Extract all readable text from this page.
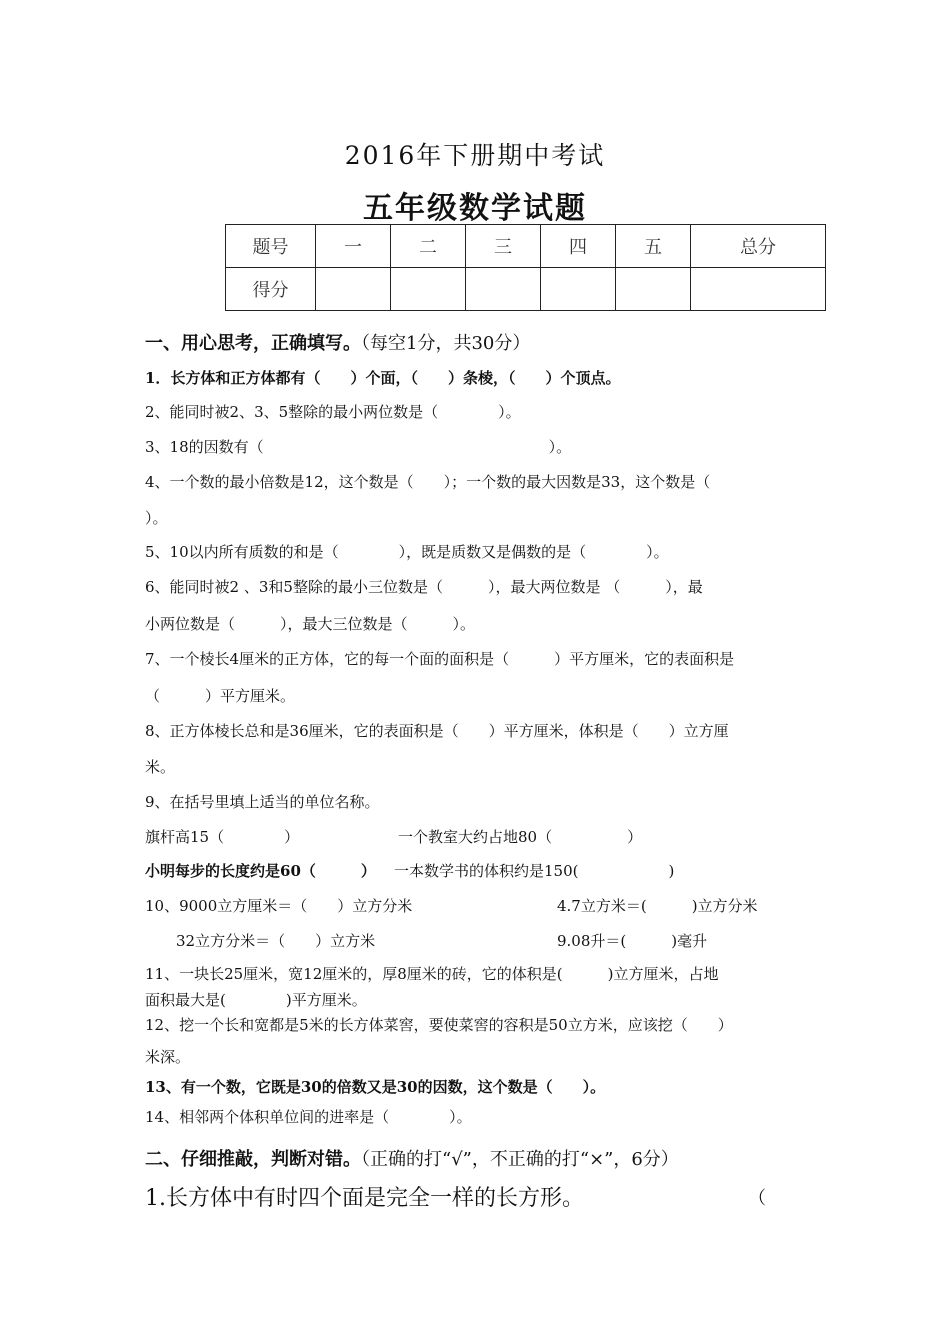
2016年下册期中考试
五年级数学试题
题号	一	二	三	四	五	总分
得分						
一、用心思考，正确填写。（每空1分，共30分）
1．长方体和正方体都有（　　）个面，（　　）条棱，（　　）个顶点。
2、能同时被2、3、5整除的最小两位数是（　　　　）。
3、18的因数有（　　　　　　　　　　　　　　　　　　　）。
4、一个数的最小倍数是12，这个数是（　　）；一个数的最大因数是33，这个数是（
）。
5、10以内所有质数的和是（　　　　），既是质数又是偶数的是（　　　　）。
6、能同时被2 、3和5整除的最小三位数是（　　　），最大两位数是 （　　　），最
小两位数是（　　　），最大三位数是（　　　）。
7、一个棱长4厘米的正方体，它的每一个面的面积是（　　　）平方厘米，它的表面积是
（　　　）平方厘米。
8、正方体棱长总和是36厘米，它的表面积是（　　）平方厘米，体积是（　　）立方厘
米。
9、在括号里填上适当的单位名称。
旗杆高15（　　　　）	一个教室大约占地80（　　　　　）
小明每步的长度约是60（　　　） 一本数学书的体积约是150(　　　　　　)
10、9000立方厘米＝（　　）立方分米	4.7立方米＝(　　　)立方分米
32立方分米＝（　　）立方米	9.08升＝(　　　)毫升
11、一块长25厘米，宽12厘米的，厚8厘米的砖，它的体积是(　　　)立方厘米，占地
面积最大是(　　　　)平方厘米。
12、挖一个长和宽都是5米的长方体菜窖，要使菜窖的容积是50立方米，应该挖（　　）
米深。
13、有一个数，它既是30的倍数又是30的因数，这个数是（　　）。
14、相邻两个体积单位间的进率是（　　　　）。
二、仔细推敲，判断对错。（正确的打“√”，不正确的打“×”，6分）
1.长方体中有时四个面是完全一样的长方形。	（
